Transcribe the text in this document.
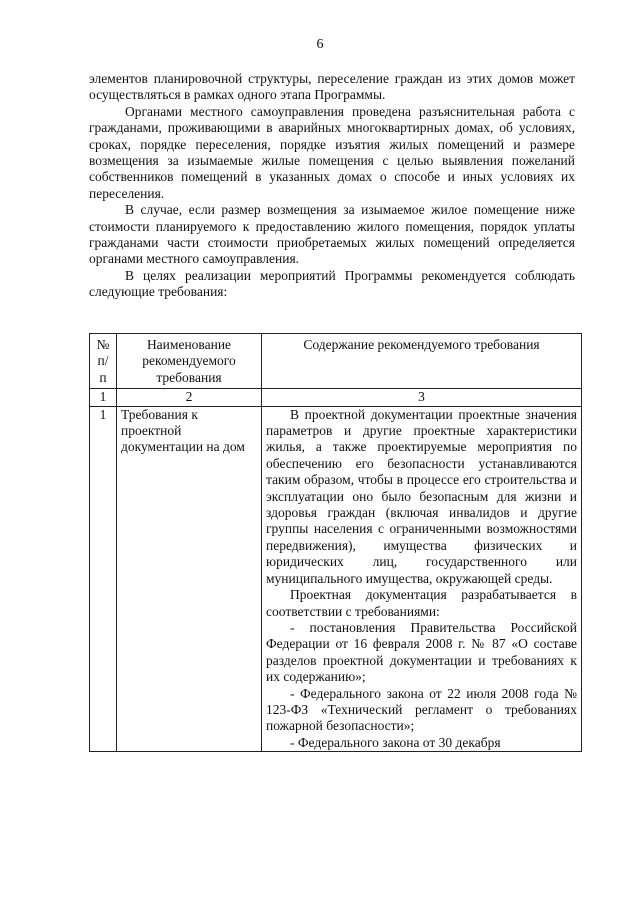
6

элементов планировочной структуры, переселение граждан из этих домов может осуществляться в рамках одного этапа Программы.

Органами местного самоуправления проведена разъяснительная работа с гражданами, проживающими в аварийных многоквартирных домах, об условиях, сроках, порядке переселения, порядке изъятия жилых помещений и размере возмещения за изымаемые жилые помещения с целью выявления пожеланий собственников помещений в указанных домах о способе и иных условиях их переселения.

В случае, если размер возмещения за изымаемое жилое помещение ниже стоимости планируемого к предоставлению жилого помещения, порядок уплаты гражданами части стоимости приобретаемых жилых помещений определяется органами местного самоуправления.

В целях реализации мероприятий Программы рекомендуется соблюдать следующие требования:

№ п/п	Наименование рекомендуемого требования	Содержание рекомендуемого требования
1	2	3
1	Требования к проектной документации на дом	В проектной документации проектные значения параметров и другие проектные характеристики жилья, а также проектируемые мероприятия по обеспечению его безопасности устанавливаются таким образом, чтобы в процессе его строительства и эксплуатации оно было безопасным для жизни и здоровья граждан (включая инвалидов и другие группы населения с ограниченными возможностями передвижения), имущества физических и юридических лиц, государственного или муниципального имущества, окружающей среды.

Проектная документация разрабатывается в соответствии с требованиями:

- постановления Правительства Российской Федерации от 16 февраля 2008 г. № 87 «О составе разделов проектной документации и требованиях к их содержанию»;

- Федерального закона от 22 июля 2008 года № 123-ФЗ «Технический регламент о требованиях пожарной безопасности»;

- Федерального закона от 30 декабря
